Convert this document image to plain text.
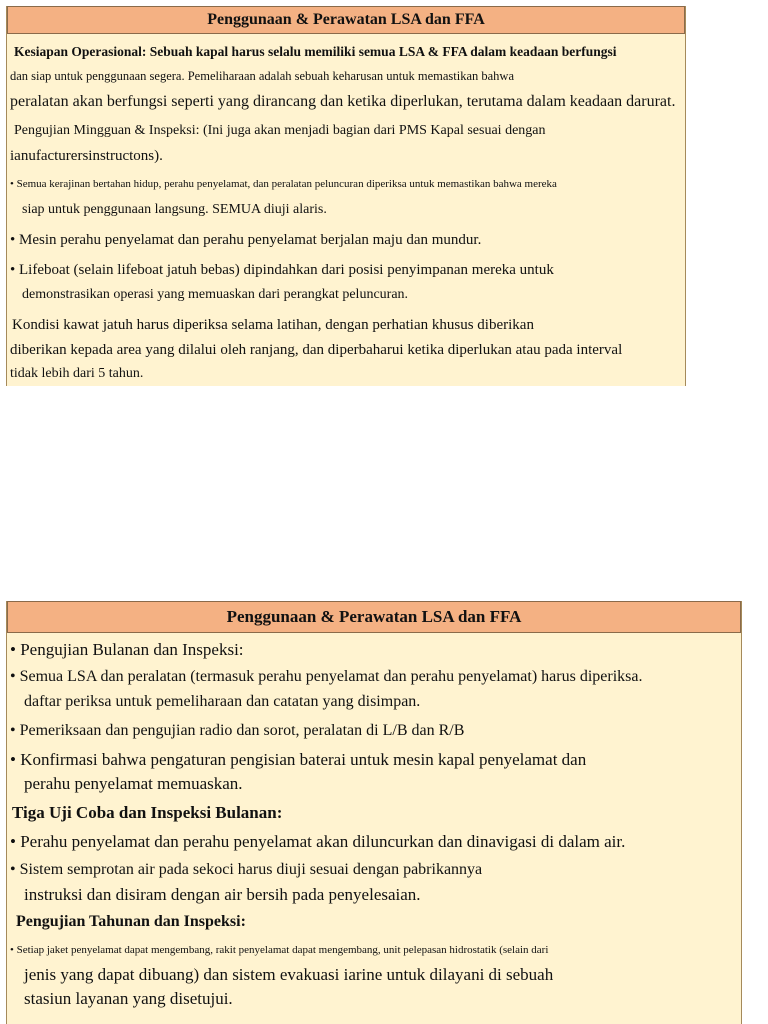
Penggunaan & Perawatan LSA dan FFA
Kesiapan Operasional: Sebuah kapal harus selalu memiliki semua LSA & FFA dalam keadaan berfungsi
dan siap untuk penggunaan segera. Pemeliharaan adalah sebuah keharusan untuk memastikan bahwa
peralatan akan berfungsi seperti yang dirancang dan ketika diperlukan, terutama dalam keadaan darurat.
Pengujian Mingguan & Inspeksi: (Ini juga akan menjadi bagian dari PMS Kapal sesuai dengan
ianufacturersinstructons).
• Semua kerajinan bertahan hidup, perahu penyelamat, dan peralatan peluncuran diperiksa untuk memastikan bahwa mereka
siap untuk penggunaan langsung. SEMUA diuji alaris.
• Mesin perahu penyelamat dan perahu penyelamat berjalan maju dan mundur.
• Lifeboat (selain lifeboat jatuh bebas) dipindahkan dari posisi penyimpanan mereka untuk
demonstrasikan operasi yang memuaskan dari perangkat peluncuran.
Kondisi kawat jatuh harus diperiksa selama latihan, dengan perhatian khusus diberikan
diberikan kepada area yang dilalui oleh ranjang, dan diperbaharui ketika diperlukan atau pada interval
tidak lebih dari 5 tahun.
Penggunaan & Perawatan LSA dan FFA
• Pengujian Bulanan dan Inspeksi:
• Semua LSA dan peralatan (termasuk perahu penyelamat dan perahu penyelamat) harus diperiksa.
daftar periksa untuk pemeliharaan dan catatan yang disimpan.
• Pemeriksaan dan pengujian radio dan sorot, peralatan di L/B dan R/B
• Konfirmasi bahwa pengaturan pengisian baterai untuk mesin kapal penyelamat dan
perahu penyelamat memuaskan.
Tiga Uji Coba dan Inspeksi Bulanan:
• Perahu penyelamat dan perahu penyelamat akan diluncurkan dan dinavigasi di dalam air.
• Sistem semprotan air pada sekoci harus diuji sesuai dengan pabrikannya
instruksi dan disiram dengan air bersih pada penyelesaian.
Pengujian Tahunan dan Inspeksi:
• Setiap jaket penyelamat dapat mengembang, rakit penyelamat dapat mengembang, unit pelepasan hidrostatik (selain dari
jenis yang dapat dibuang) dan sistem evakuasi iarine untuk dilayani di sebuah
stasiun layanan yang disetujui.
